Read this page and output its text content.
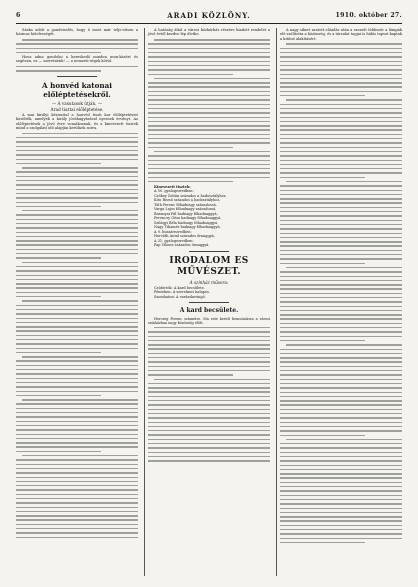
6	ARADI KÖZLÖNY.	1910. október 27.

Sáska adóit a gondviselés, hogy ő most már telje-sítsen a hármas kötelességét.

Hova adna gondolni a kereskedő minden mun-kásért és segítsen, ez — szeretnénk! — a nemzeti-ségek körül.

A honvéd katonai előléptetésekről.
— A vasutasok útján. —
Arad tisztai előléptetése.

A mai királyi kézirattal a honvéd tiszti kar előléptetéseit közölték, amelyek a király jóváhagyásával nyernek érvényt. Az előléptetések a jövő évre vonatkoznak, és a kinevezett tisztek mind a szolgálati idő alapján kerülnek sorra.

A hatóság által a városi közkórház részére kiadott rendelet a jövő évtől kezdve lép életbe.

Kinevezett tisztek:
A 50. gyalogezredben:
Csőkey Zoltán százados a hadosztályhoz,
Kiss Rezső százados a hadosztályhoz,
Tóth Ferenc főhadnagy századossá,
Varga Lajos főhadnagy századossá,
Baranyai Pál hadnagy főhadnaggyá,
Ferenczy Géza hadnagy főhadnaggyá,
Szilágyi Béla hadnagy főhadnaggyá,
Nagy Tihamér hadnagy főhadnaggyá,
A 9. huszárezredben:
Horváth Antal százados őrnaggyá,
A 31. gyalogezredben:
Pap Vilmos százados őrnaggyá.
IRODALOM ES MŰVÉSZET.
A színház műsora:
Csütörtök: A kard becsülete.
Pénteken: A szerelmes kalapos.
Szombaton: A varázskeringő.
A kard becsülete.

Herczeg Ferenc színműve. Ma este került bemutatásra a városi színházban nagy közönség előtt.

A nagy sikert aratott előadás után a szerzőt többször a lámpák elé szólította a közönség, és a társulat tagjai is hálás tapsot kaptak a kitűnő alakításért.
